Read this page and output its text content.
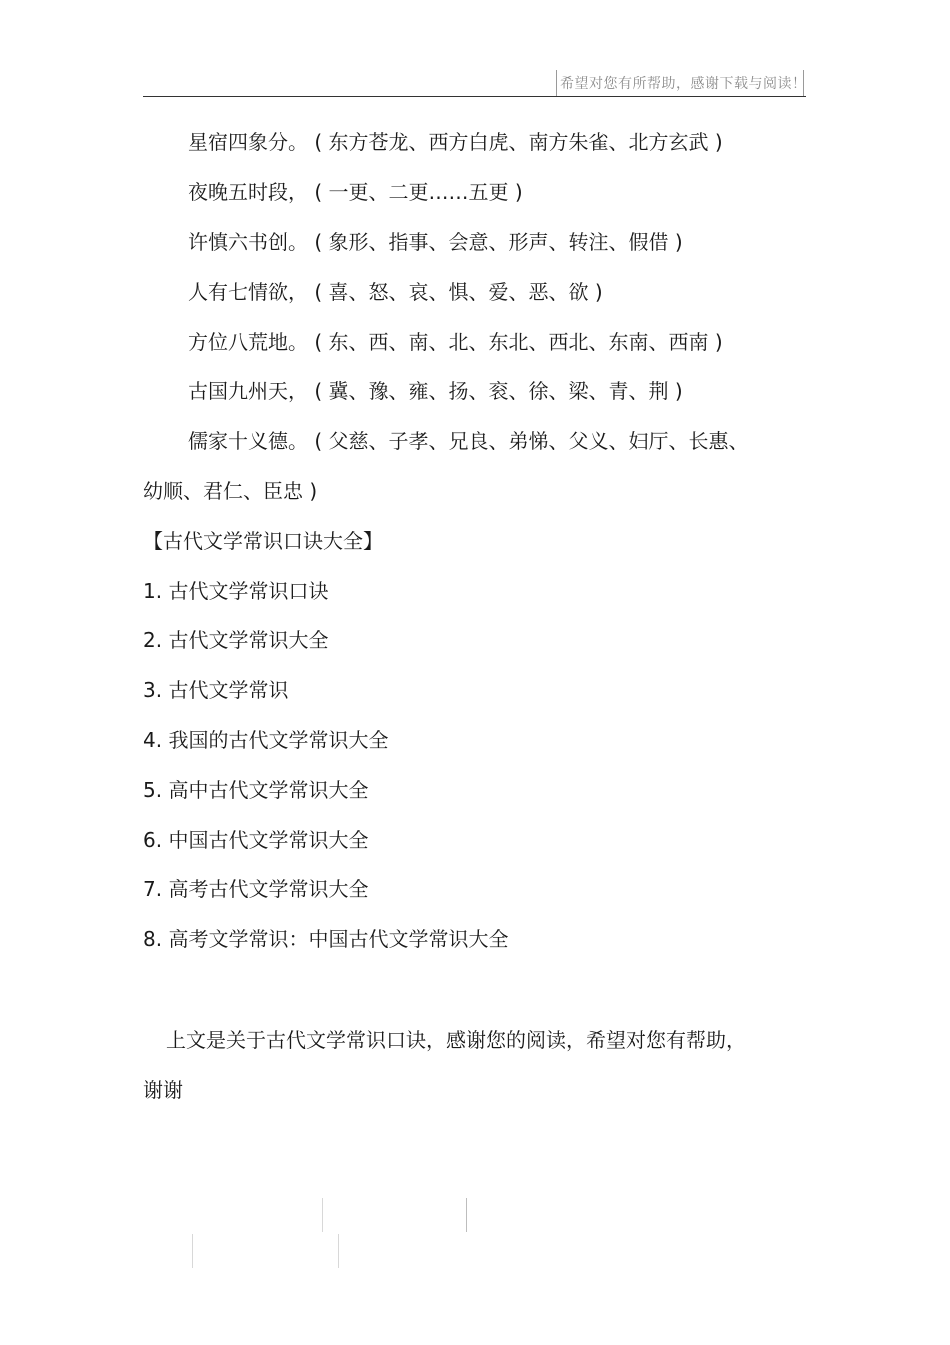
希望对您有所帮助，感谢下载与阅读！
星宿四象分。 ( 东方苍龙、西方白虎、南方朱雀、北方玄武 )
夜晚五时段， ( 一更、二更……五更 )
许慎六书创。 ( 象形、指事、会意、形声、转注、假借 )
人有七情欲， ( 喜、怒、哀、惧、爱、恶、欲 )
方位八荒地。 ( 东、西、南、北、东北、西北、东南、西南 )
古国九州天， ( 冀、豫、雍、扬、衮、徐、梁、青、荆 )
儒家十义德。 ( 父慈、子孝、兄良、弟悌、父义、妇厅、长惠、
幼顺、君仁、臣忠 )
【古代文学常识口诀大全】
1. 古代文学常识口诀
2. 古代文学常识大全
3. 古代文学常识
4. 我国的古代文学常识大全
5. 高中古代文学常识大全
6. 中国古代文学常识大全
7. 高考古代文学常识大全
8. 高考文学常识：中国古代文学常识大全
上文是关于古代文学常识口诀，感谢您的阅读，希望对您有帮助，
谢谢
